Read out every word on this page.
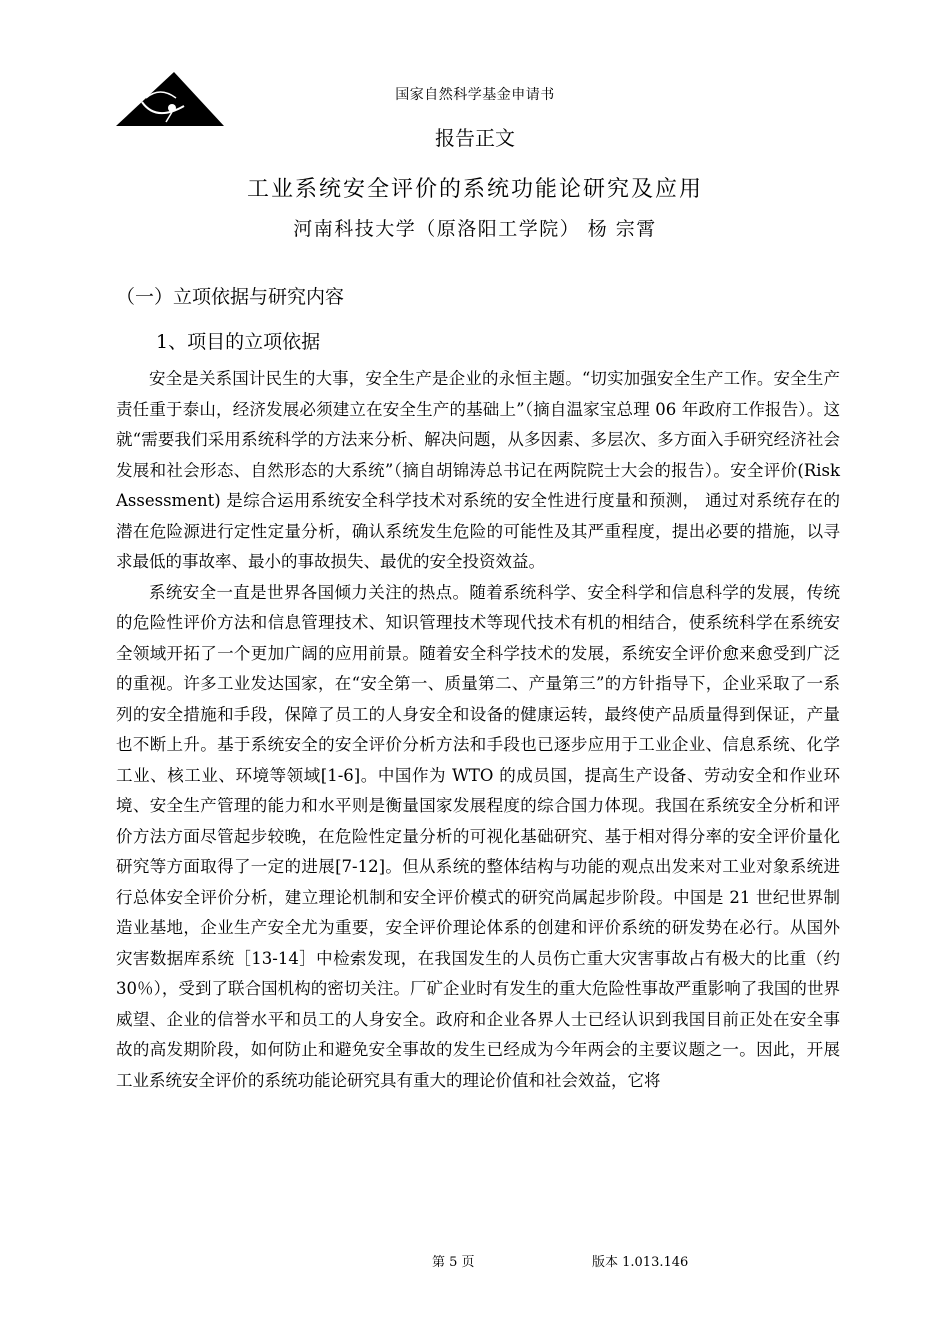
国家自然科学基金申请书
报告正文
工业系统安全评价的系统功能论研究及应用
河南科技大学（原洛阳工学院） 杨 宗霄
（一）立项依据与研究内容
1、项目的立项依据

安全是关系国计民生的大事，安全生产是企业的永恒主题。“切实加强安全生产工作。安全生产责任重于泰山，经济发展必须建立在安全生产的基础上”（摘自温家宝总理 06 年政府工作报告）。这就“需要我们采用系统科学的方法来分析、解决问题，从多因素、多层次、多方面入手研究经济社会发展和社会形态、自然形态的大系统”（摘自胡锦涛总书记在两院院士大会的报告）。安全评价(Risk Assessment) 是综合运用系统安全科学技术对系统的安全性进行度量和预测， 通过对系统存在的潜在危险源进行定性定量分析，确认系统发生危险的可能性及其严重程度，提出必要的措施，以寻求最低的事故率、最小的事故损失、最优的安全投资效益。

系统安全一直是世界各国倾力关注的热点。随着系统科学、安全科学和信息科学的发展，传统的危险性评价方法和信息管理技术、知识管理技术等现代技术有机的相结合，使系统科学在系统安全领域开拓了一个更加广阔的应用前景。随着安全科学技术的发展，系统安全评价愈来愈受到广泛的重视。许多工业发达国家，在“安全第一、质量第二、产量第三”的方针指导下，企业采取了一系列的安全措施和手段，保障了员工的人身安全和设备的健康运转，最终使产品质量得到保证，产量也不断上升。基于系统安全的安全评价分析方法和手段也已逐步应用于工业企业、信息系统、化学工业、核工业、环境等领域[1-6]。中国作为 WTO 的成员国，提高生产设备、劳动安全和作业环境、安全生产管理的能力和水平则是衡量国家发展程度的综合国力体现。我国在系统安全分析和评价方法方面尽管起步较晚，在危险性定量分析的可视化基础研究、基于相对得分率的安全评价量化研究等方面取得了一定的进展[7-12]。但从系统的整体结构与功能的观点出发来对工业对象系统进行总体安全评价分析，建立理论机制和安全评价模式的研究尚属起步阶段。中国是 21 世纪世界制造业基地，企业生产安全尤为重要，安全评价理论体系的创建和评价系统的研发势在必行。从国外灾害数据库系统［13-14］中检索发现，在我国发生的人员伤亡重大灾害事故占有极大的比重（约30％），受到了联合国机构的密切关注。厂矿企业时有发生的重大危险性事故严重影响了我国的世界威望、企业的信誉水平和员工的人身安全。政府和企业各界人士已经认识到我国目前正处在安全事故的高发期阶段，如何防止和避免安全事故的发生已经成为今年两会的主要议题之一。因此，开展工业系统安全评价的系统功能论研究具有重大的理论价值和社会效益，它将

第 5 页	版本 1.013.146
